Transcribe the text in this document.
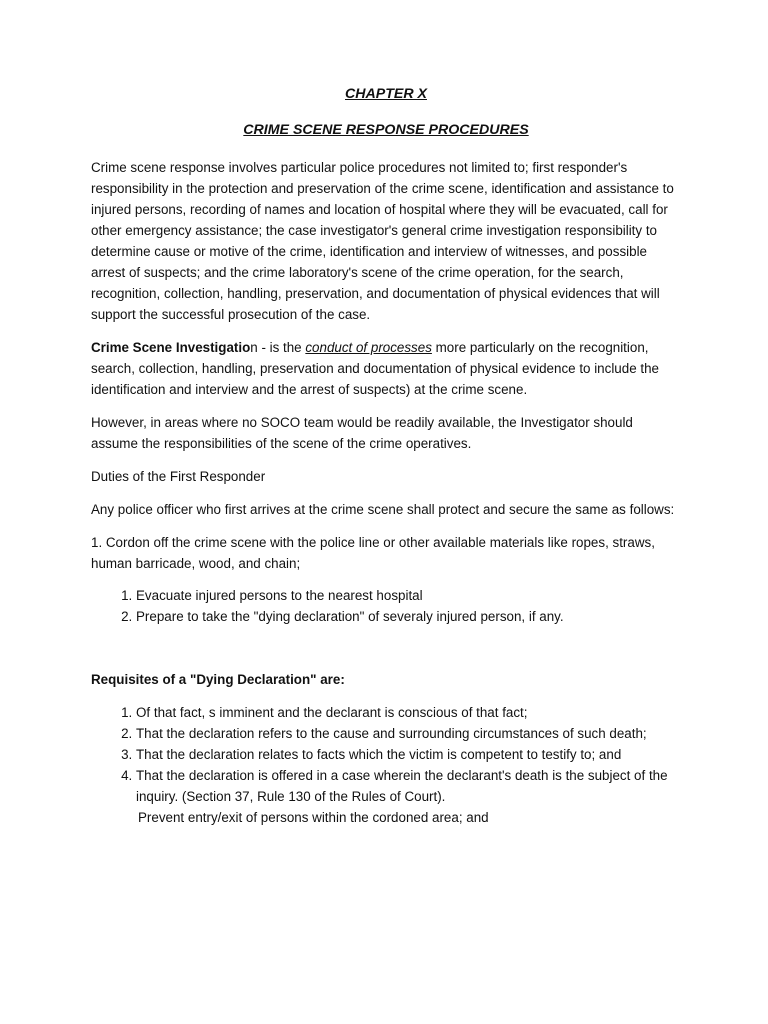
CHAPTER X

CRIME SCENE RESPONSE PROCEDURES

Crime scene response involves particular police procedures not limited to; first responder's responsibility in the protection and preservation of the crime scene, identification and assistance to injured persons, recording of names and location of hospital where they will be evacuated, call for other emergency assistance; the case investigator's general crime investigation responsibility to determine cause or motive of the crime, identification and interview of witnesses, and possible arrest of suspects; and the crime laboratory's scene of the crime operation, for the search, recognition, collection, handling, preservation, and documentation of physical evidences that will support the successful prosecution of the case.

Crime Scene Investigation - is the conduct of processes more particularly on the recognition, search, collection, handling, preservation and documentation of physical evidence to include the identification and interview and the arrest of suspects) at the crime scene.

However, in areas where no SOCO team would be readily available, the Investigator should assume the responsibilities of the scene of the crime operatives.

Duties of the First Responder

Any police officer who first arrives at the crime scene shall protect and secure the same as follows:

1. Cordon off the crime scene with the police line or other available materials like ropes, straws, human barricade, wood, and chain;

1. Evacuate injured persons to the nearest hospital
2. Prepare to take the "dying declaration" of severaly injured person, if any.

Requisites of a "Dying Declaration" are:

1. Of that fact, s imminent and the declarant is conscious of that fact;
2. That the declaration refers to the cause and surrounding circumstances of such death;
3. That the declaration relates to facts which the victim is competent to testify to; and
4. That the declaration is offered in a case wherein the declarant's death is the subject of the inquiry. (Section 37, Rule 130 of the Rules of Court).

Prevent entry/exit of persons within the cordoned area; and
